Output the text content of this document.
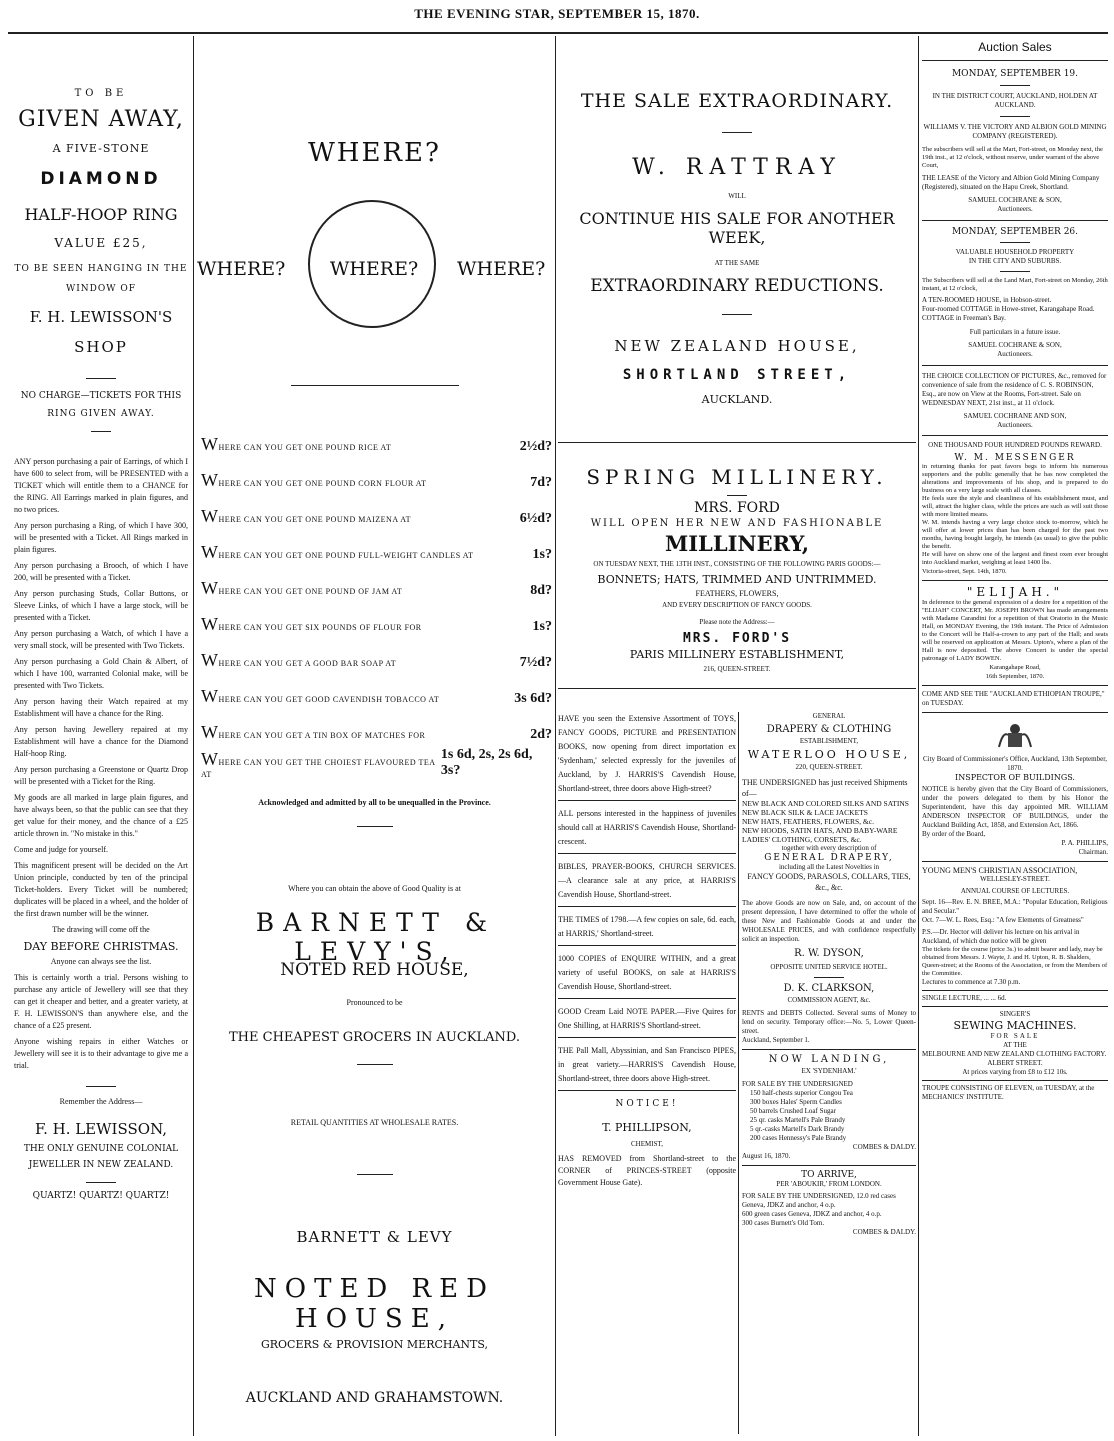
THE EVENING STAR, SEPTEMBER 15, 1870.
TO BE
GIVEN AWAY,
A FIVE-STONE
DIAMOND
HALF-HOOP RING
VALUE £25,
TO BE SEEN HANGING IN THE
WINDOW OF
F. H. LEWISSON'S
SHOP
NO CHARGE—TICKETS FOR THIS
RING GIVEN AWAY.
ANY person purchasing a pair of Earrings, of which I have 600 to select from, will be PRESENTED with a TICKET which will entitle them to a CHANCE for the RING. All Earrings marked in plain figures, and no two prices.
Any person purchasing a Ring, of which I have 300, will be presented with a Ticket. All Rings marked in plain figures.
Any person purchasing a Brooch, of which I have 200, will be presented with a Ticket.
Any person purchasing Studs, Collar Buttons, or Sleeve Links, of which I have a large stock, will be presented with a Ticket.
Any person purchasing a Watch, of which I have a very small stock, will be presented with Two Tickets.
Any person purchasing a Gold Chain & Albert, of which I have 100, warranted Colonial make, will be presented with Two Tickets.
Any person having their Watch repaired at my Establishment will have a chance for the Ring.
Any person having Jewellery repaired at my Establishment will have a chance for the Diamond Half-hoop Ring.
Any person purchasing a Greenstone or Quartz Drop will be presented with a Ticket for the Ring.
My goods are all marked in large plain figures, and have always been, so that the public can see that they get value for their money, and the chance of a £25 article thrown in. "No mistake in this."
Come and judge for yourself.
This magnificent present will be decided on the Art Union principle, conducted by ten of the principal Ticket-holders. Every Ticket will be numbered; duplicates will be placed in a wheel, and the holder of the first drawn number will be the winner.
The drawing will come off the
DAY BEFORE CHRISTMAS.
Anyone can always see the list.
This is certainly worth a trial. Persons wishing to purchase any article of Jewellery will see that they can get it cheaper and better, and a greater variety, at F. H. LEWISSON'S than anywhere else, and the chance of a £25 present.
Anyone wishing repairs in either Watches or Jewellery will see it is to their advantage to give me a trial.
Remember the Address—
F. H. LEWISSON,
THE ONLY GENUINE COLONIAL
JEWELLER IN NEW ZEALAND.
QUARTZ! QUARTZ! QUARTZ!
WHERE?
WHERE?	WHERE?	WHERE?
WHERE CAN YOU GET ONE POUND RICE AT	2½d?
WHERE CAN YOU GET ONE POUND CORN FLOUR AT	7d?
WHERE CAN YOU GET ONE POUND MAIZENA AT	6½d?
WHERE CAN YOU GET ONE POUND FULL-WEIGHT CANDLES AT	1s?
WHERE CAN YOU GET ONE POUND OF JAM AT	8d?
WHERE CAN YOU GET SIX POUNDS OF FLOUR FOR	1s?
WHERE CAN YOU GET A GOOD BAR SOAP AT	7½d?
WHERE CAN YOU GET GOOD CAVENDISH TOBACCO AT	3s 6d?
WHERE CAN YOU GET A TIN BOX OF MATCHES FOR	2d?
WHERE CAN YOU GET THE CHOIEST FLAVOURED TEA AT
1s 6d, 2s, 2s 6d, 3s?
Acknowledged and admitted by all to be unequalled in the Province.
Where you can obtain the above of Good Quality is at
BARNETT & LEVY'S,
NOTED RED HOUSE,
Pronounced to be
THE CHEAPEST GROCERS IN AUCKLAND.
RETAIL QUANTITIES AT WHOLESALE RATES.
BARNETT & LEVY
NOTED RED HOUSE,
GROCERS & PROVISION MERCHANTS,
AUCKLAND AND GRAHAMSTOWN.
THE SALE EXTRAORDINARY.
W. RATTRAY
WILL
CONTINUE HIS SALE FOR ANOTHER WEEK,
AT THE SAME
EXTRAORDINARY REDUCTIONS.
NEW ZEALAND HOUSE,
SHORTLAND STREET,
AUCKLAND.
SPRING MILLINERY.
MRS. FORD
WILL OPEN HER NEW AND FASHIONABLE
MILLINERY,
ON TUESDAY NEXT, THE 13TH INST., CONSISTING OF THE FOLLOWING PARIS GOODS:—
BONNETS; HATS, TRIMMED AND UNTRIMMED.
FEATHERS, FLOWERS,
AND EVERY DESCRIPTION OF FANCY GOODS.
Please note the Address:—
MRS. FORD'S
PARIS MILLINERY ESTABLISHMENT,
216, QUEEN-STREET.
HAVE you seen the Extensive Assortment of TOYS, FANCY GOODS, PICTURE and PRESENTATION BOOKS, now opening from direct importation ex 'Sydenham,' selected expressly for the juveniles of Auckland, by J. HARRIS'S Cavendish House, Shortland-street, three doors above High-street?
ALL persons interested in the happiness of juveniles should call at HARRIS'S Cavendish House, Shortland-crescent.
BIBLES, PRAYER-BOOKS, CHURCH SERVICES.—A clearance sale at any price, at HARRIS'S Cavendish House, Shortland-street.
THE TIMES of 1798.—A few copies on sale, 6d. each, at HARRIS,' Shortland-street.
1000 COPIES of ENQUIRE WITHIN, and a great variety of useful BOOKS, on sale at HARRIS'S Cavendish House, Shortland-street.
GOOD Cream Laid NOTE PAPER.—Five Quires for One Shilling, at HARRIS'S Shortland-street.
THE Pall Mall, Abyssinian, and San Francisco PIPES, in great variety.—HARRIS'S Cavendish House, Shortland-street, three doors above High-street.
NOTICE!
T. PHILLIPSON,
CHEMIST,
HAS REMOVED from Shortland-street to the CORNER of PRINCES-STREET (opposite Government House Gate).
GENERAL
DRAPERY & CLOTHING
ESTABLISHMENT,
WATERLOO HOUSE,
220, QUEEN-STREET.
THE UNDERSIGNED has just received Shipments of—
NEW BLACK AND COLORED SILKS AND SATINS
NEW BLACK SILK & LACE JACKETS
NEW HATS, FEATHERS, FLOWERS, &c.
NEW HOODS, SATIN HATS, AND BABY-WARE
LADIES' CLOTHING, CORSETS, &c.
together with every description of
GENERAL DRAPERY,
including all the Latest Novelties in
FANCY GOODS, PARASOLS, COLLARS, TIES, &c., &c.
The above Goods are now on Sale, and, on account of the present depression, I have determined to offer the whole of these New and Fashionable Goods at and under the WHOLESALE PRICES, and with confidence respectfully solicit an inspection.
R. W. DYSON,
OPPOSITE UNITED SERVICE HOTEL.
D. K. CLARKSON,
COMMISSION AGENT, &c.
RENTS and DEBTS Collected. Several sums of Money to lend on security. Temporary office:—No. 5, Lower Queen-street.
Auckland, September 1.
NOW LANDING,
EX 'SYDENHAM.'
FOR SALE BY THE UNDERSIGNED
150 half-chests superior Congou Tea
300 boxes Hales' Sperm Candles
50 barrels Crushed Loaf Sugar
25 qr. casks Martell's Pale Brandy
5 qr.-casks Martell's Dark Brandy
200 cases Hennessy's Pale Brandy
COMBES & DALDY.
August 16, 1870.
TO ARRIVE,
PER 'ABOUKIR,' FROM LONDON.
FOR SALE BY THE UNDERSIGNED, 12.0 red cases Geneva, JDKZ and anchor, 4 o.p.
600 green cases Geneva, JDKZ and anchor, 4 o.p.
300 cases Burnett's Old Tom.
COMBES & DALDY.
Auction Sales
MONDAY, SEPTEMBER 19.
IN THE DISTRICT COURT, AUCKLAND, HOLDEN AT AUCKLAND.
WILLIAMS V. THE VICTORY AND ALBION GOLD MINING COMPANY (REGISTERED).
The subscribers will sell at the Mart, Fort-street, on Monday next, the 19th inst., at 12 o'clock, without reserve, under warrant of the above Court,
THE LEASE of the Victory and Albion Gold Mining Company (Registered), situated on the Hapu Creek, Shortland.
SAMUEL COCHRANE & SON,
Auctioneers.
MONDAY, SEPTEMBER 26.
VALUABLE HOUSEHOLD PROPERTY
IN THE CITY AND SUBURBS.
The Subscribers will sell at the Land Mart, Fort-street on Monday, 26th instant, at 12 o'clock,
A TEN-ROOMED HOUSE, in Hobson-street.
Four-roomed COTTAGE in Howe-street, Karangahape Road.
COTTAGE in Freeman's Bay.
Full particulars in a future issue.
SAMUEL COCHRANE & SON,
Auctioneers.
THE CHOICE COLLECTION OF PICTURES, &c., removed for convenience of sale from the residence of C. S. ROBINSON, Esq., are now on View at the Rooms, Fort-street. Sale on WEDNESDAY NEXT, 21st inst., at 11 o'clock.
SAMUEL COCHRANE AND SON,
Auctioneers.
ONE THOUSAND FOUR HUNDRED POUNDS REWARD.
W. M. MESSENGER
in returning thanks for past favors begs to inform his numerous supporters and the public generally that he has now completed the alterations and improvements of his shop, and is prepared to do business on a very large scale with all classes.
He feels sure the style and cleanliness of his establishment must, and will, attract the higher class, while the prices are such as will suit those with more limited means.
W. M. intends having a very large choice stock to-morrow, which he will offer at lower prices than has been charged for the past two months, having bought largely, he intends (as usual) to give the public the benefit.
He will have on show one of the largest and finest oxen ever brought into Auckland market, weighing at least 1400 lbs.
Victoria-street, Sept. 14th, 1870.
"ELIJAH."
In deference to the general expression of a desire for a repetition of the "ELIJAH" CONCERT, Mr. JOSEPH BROWN has made arrangements with Madame Carandini for a repetition of that Oratorio in the Music Hall, on MONDAY Evening, the 19th instant. The Price of Admission to the Concert will be Half-a-crown to any part of the Hall; and seats will be reserved on application at Messrs. Upton's, where a plan of the Hall is now deposited. The above Concert is under the special patronage of LADY BOWEN.
Karangahape Road,
16th September, 1870.
COME AND SEE THE "AUCKLAND ETHIOPIAN TROUPE," on TUESDAY.
City Board of Commissioner's Office, Auckland, 13th September, 1870.
INSPECTOR OF BUILDINGS.
NOTICE is hereby given that the City Board of Commissioners, under the powers delegated to them by his Honor the Superintendent, have this day appointed MR. WILLIAM ANDERSON INSPECTOR OF BUILDINGS, under the Auckland Building Act, 1858, and Extension Act, 1866.
By order of the Board,
P. A. PHILLIPS,
Chairman.
YOUNG MEN'S CHRISTIAN ASSOCIATION,
WELLESLEY-STREET.
ANNUAL COURSE OF LECTURES.
Sept. 16—Rev. E. N. BREE, M.A.: "Popular Education, Religious and Secular."
Oct. 7—W. L. Rees, Esq.: "A few Elements of Greatness"
P.S.—Dr. Hector will deliver his lecture on his arrival in Auckland, of which due notice will be given
The tickets for the course (price 3s.) to admit bearer and lady, may be obtained from Messrs. J. Wayte, J. and H. Upton, R. B. Shalders, Queen-street; at the Rooms of the Association, or from the Members of the Committee.
Lectures to commence at 7.30 p.m.
SINGLE LECTURE, ... ... 6d.
SINGER'S
SEWING MACHINES.
FOR SALE
AT THE
MELBOURNE AND NEW ZEALAND CLOTHING FACTORY.
ALBERT STREET.
At prices varying from £8 to £12 10s.
TROUPE CONSISTING OF ELEVEN, on TUESDAY, at the MECHANICS' INSTITUTE.
